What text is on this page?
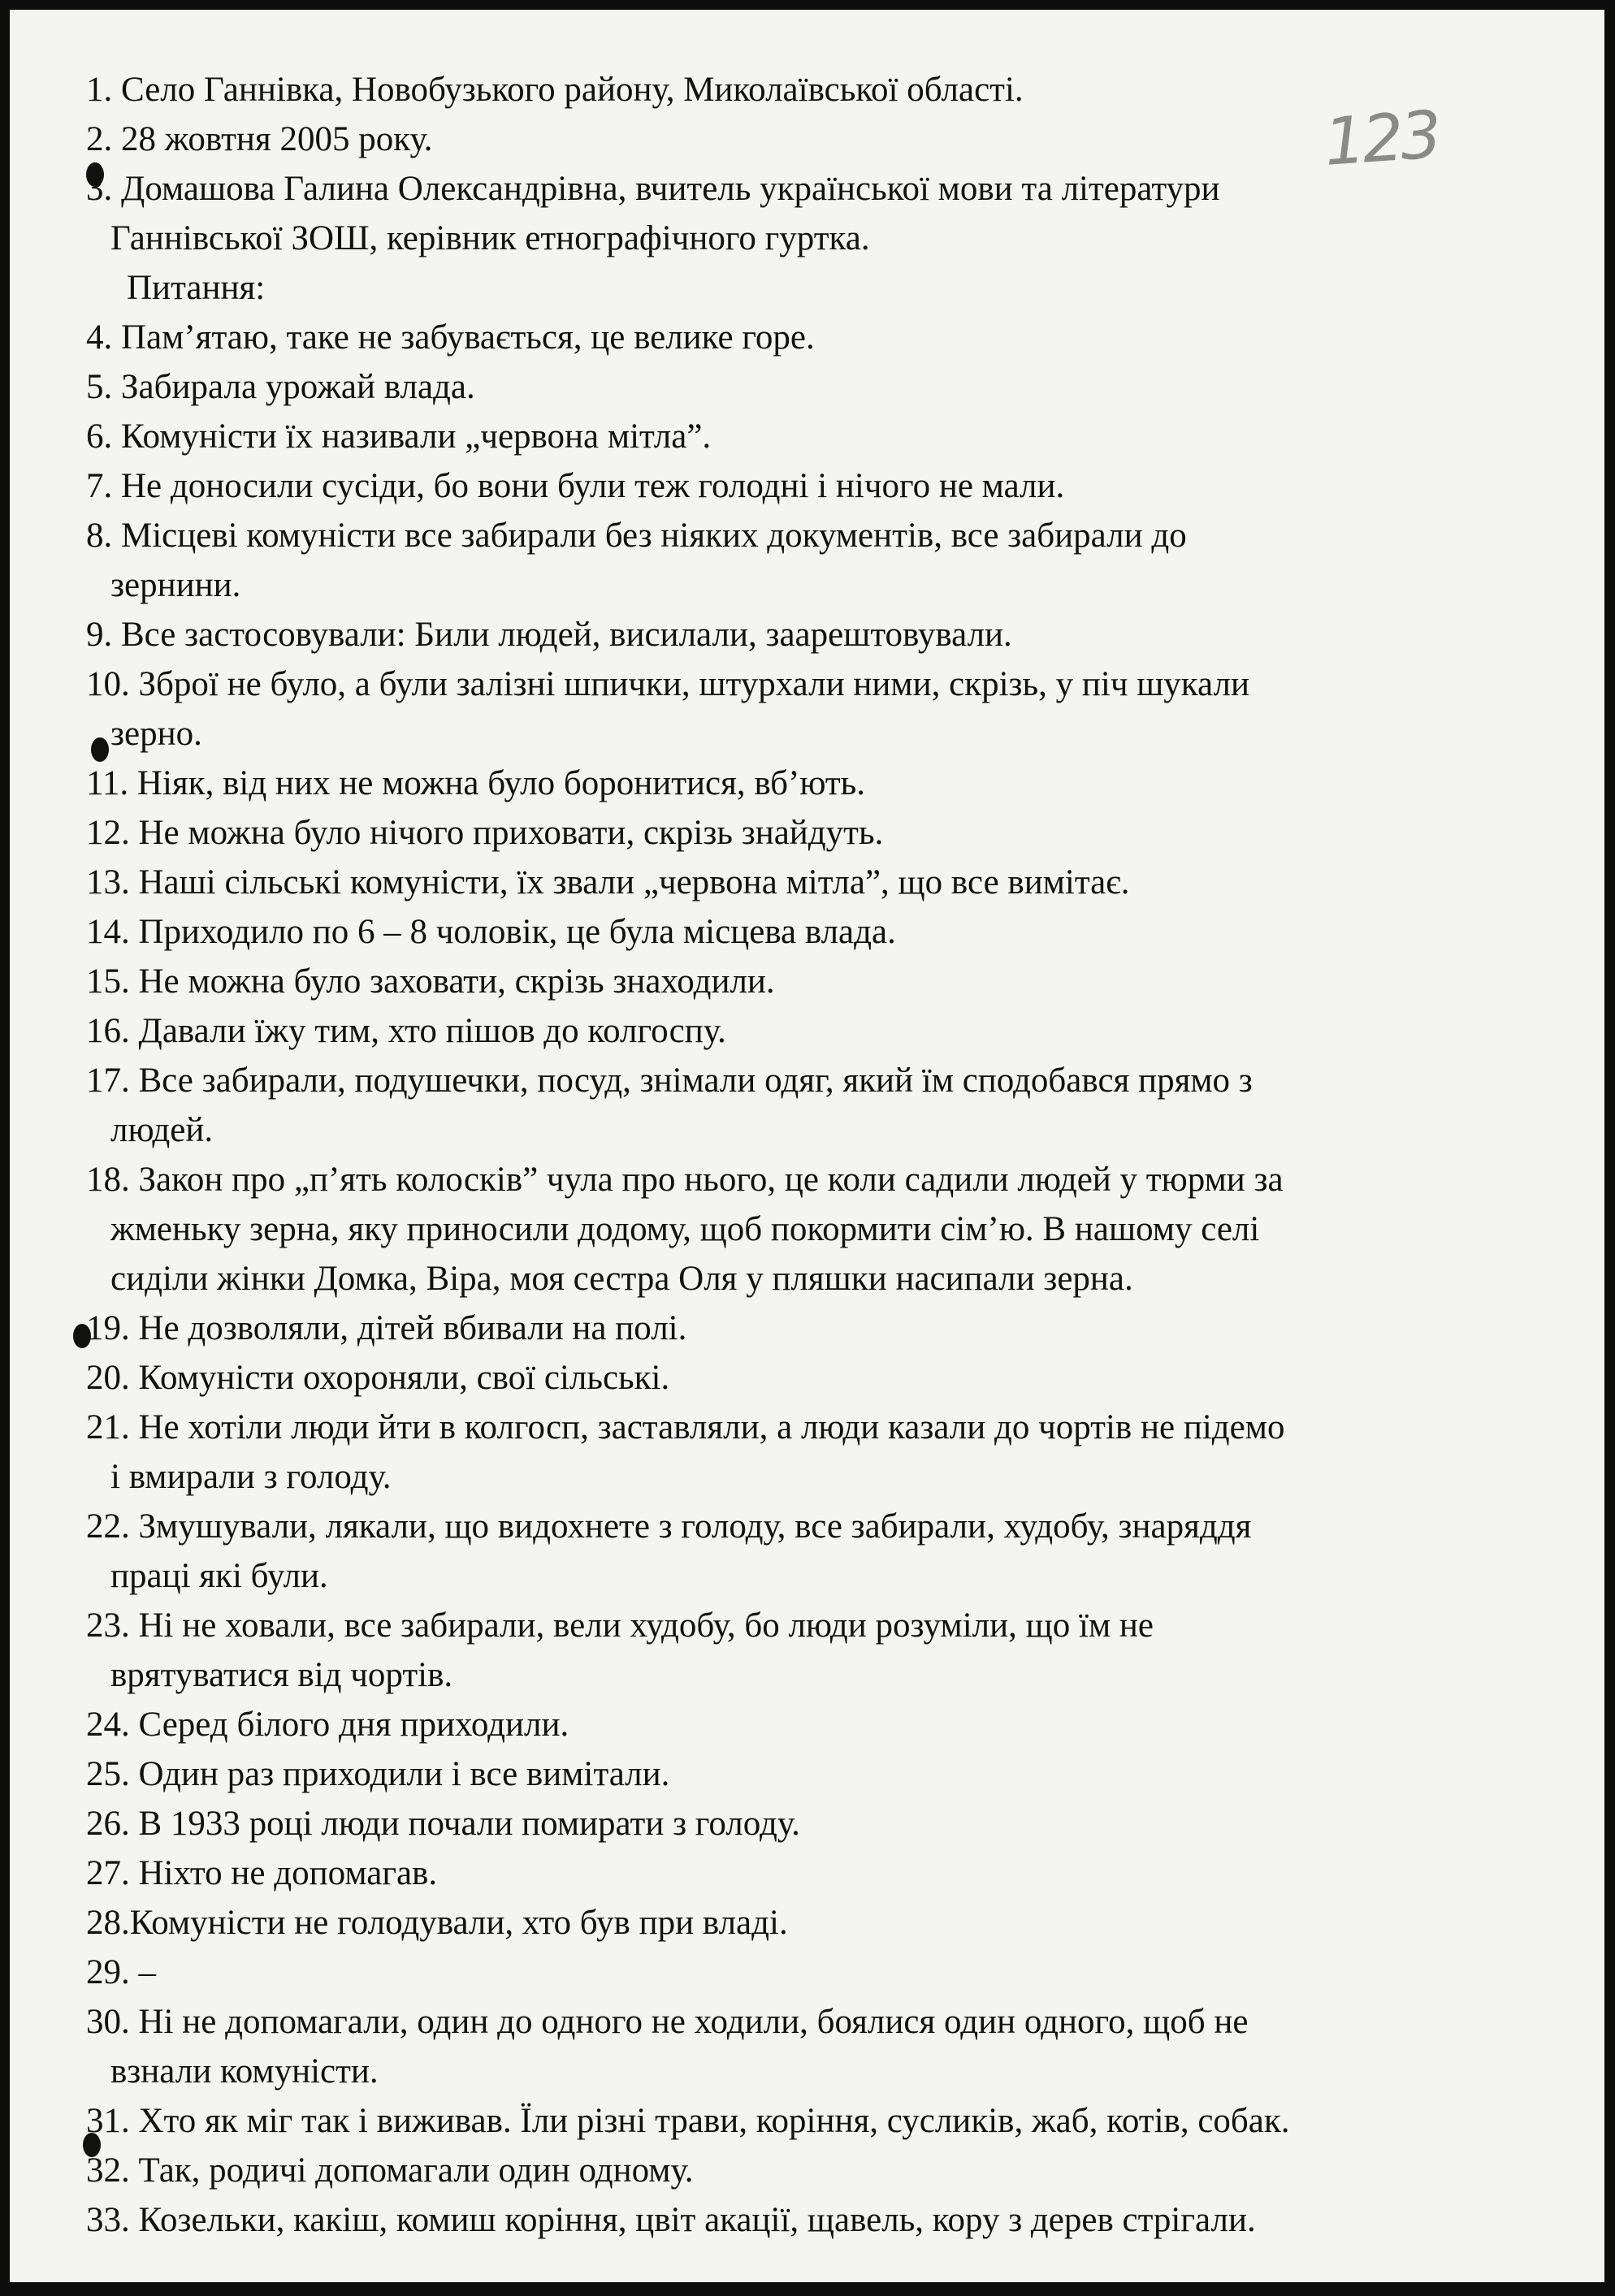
123
1. Село Ганнівка, Новобузького району, Миколаївської області.
2. 28 жовтня 2005 року.
3. Домашова Галина Олександрівна, вчитель української мови та літератури
Ганнівської ЗОШ, керівник етнографічного гуртка.
Питання:
4. Пам’ятаю, таке не забувається, це велике горе.
5. Забирала урожай влада.
6. Комуністи їх називали „червона мітла”.
7. Не доносили сусіди, бо вони були теж голодні і нічого не мали.
8. Місцеві комуністи все забирали без ніяких документів, все забирали до
зернини.
9. Все застосовували: Били людей, висилали, заарештовували.
10. Зброї не було, а були залізні шпички, штурхали ними, скрізь, у піч шукали
зерно.
11. Ніяк, від них не можна було боронитися, вб’ють.
12. Не можна було нічого приховати, скрізь знайдуть.
13. Наші сільські комуністи, їх звали „червона мітла”, що все вимітає.
14. Приходило по 6 – 8 чоловік, це була місцева влада.
15. Не можна було заховати, скрізь знаходили.
16. Давали їжу тим, хто пішов до колгоспу.
17. Все забирали, подушечки, посуд, знімали одяг, який їм сподобався прямо з
людей.
18. Закон про „п’ять колосків” чула про нього, це коли садили людей у тюрми за
жменьку зерна, яку приносили додому, щоб покормити сім’ю. В нашому селі
сиділи жінки Домка, Віра, моя сестра Оля у пляшки насипали зерна.
19. Не дозволяли, дітей вбивали на полі.
20. Комуністи охороняли, свої сільські.
21. Не хотіли люди йти в колгосп, заставляли, а люди казали до чортів не підемо
і вмирали з голоду.
22. Змушували, лякали, що видохнете з голоду, все забирали, худобу, знаряддя
праці які були.
23. Ні не ховали, все забирали, вели худобу, бо люди розуміли, що їм не
врятуватися від чортів.
24. Серед білого дня приходили.
25. Один раз приходили і все вимітали.
26. В 1933 році люди почали помирати з голоду.
27. Ніхто не допомагав.
28.Комуністи не голодували, хто був при владі.
29. –
30. Ні не допомагали, один до одного не ходили, боялися один одного, щоб не
взнали комуністи.
31. Хто як міг так і виживав. Їли різні трави, коріння, сусликів, жаб, котів, собак.
32. Так, родичі допомагали один одному.
33. Козельки, какіш, комиш коріння, цвіт акації, щавель, кору з дерев стрігали.
